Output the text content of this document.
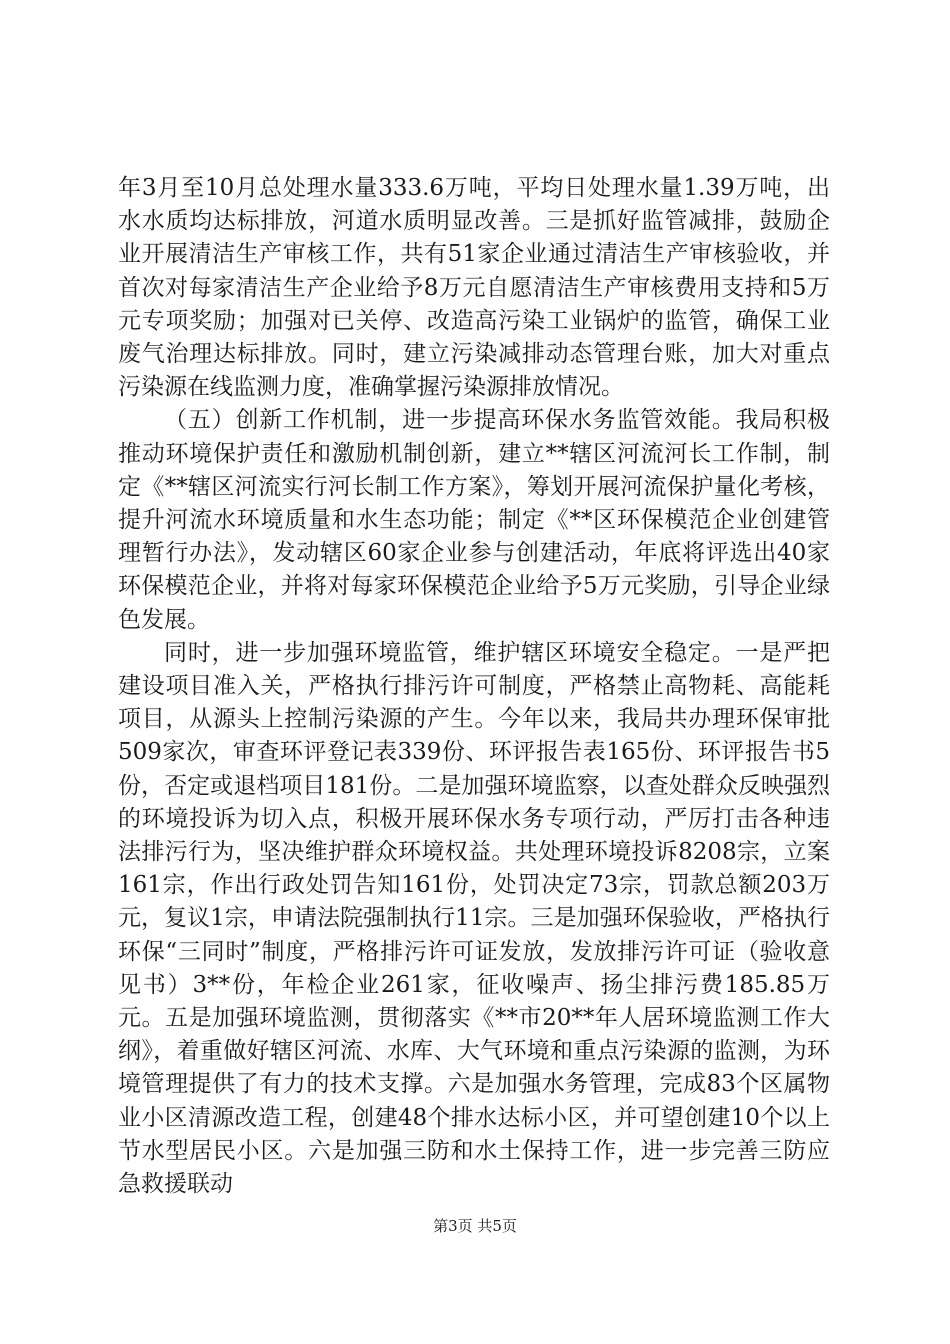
年3月至10月总处理水量333.6万吨，平均日处理水量1.39万吨，出水水质均达标排放，河道水质明显改善。三是抓好监管减排，鼓励企业开展清洁生产审核工作，共有51家企业通过清洁生产审核验收，并首次对每家清洁生产企业给予8万元自愿清洁生产审核费用支持和5万元专项奖励；加强对已关停、改造高污染工业锅炉的监管，确保工业废气治理达标排放。同时，建立污染减排动态管理台账，加大对重点污染源在线监测力度，准确掌握污染源排放情况。

（五）创新工作机制，进一步提高环保水务监管效能。我局积极推动环境保护责任和激励机制创新，建立**辖区河流河长工作制，制定《**辖区河流实行河长制工作方案》，筹划开展河流保护量化考核，提升河流水环境质量和水生态功能；制定《**区环保模范企业创建管理暂行办法》，发动辖区60家企业参与创建活动，年底将评选出40家环保模范企业，并将对每家环保模范企业给予5万元奖励，引导企业绿色发展。

同时，进一步加强环境监管，维护辖区环境安全稳定。一是严把建设项目准入关，严格执行排污许可制度，严格禁止高物耗、高能耗项目，从源头上控制污染源的产生。今年以来，我局共办理环保审批509家次，审查环评登记表339份、环评报告表165份、环评报告书5份，否定或退档项目181份。二是加强环境监察，以查处群众反映强烈的环境投诉为切入点，积极开展环保水务专项行动，严厉打击各种违法排污行为，坚决维护群众环境权益。共处理环境投诉8208宗，立案161宗，作出行政处罚告知161份，处罚决定73宗，罚款总额203万元，复议1宗，申请法院强制执行11宗。三是加强环保验收，严格执行环保“三同时”制度，严格排污许可证发放，发放排污许可证（验收意见书）3**份，年检企业261家，征收噪声、扬尘排污费185.85万元。五是加强环境监测，贯彻落实《**市20**年人居环境监测工作大纲》，着重做好辖区河流、水库、大气环境和重点污染源的监测，为环境管理提供了有力的技术支撑。六是加强水务管理，完成83个区属物业小区清源改造工程，创建48个排水达标小区，并可望创建10个以上节水型居民小区。六是加强三防和水土保持工作，进一步完善三防应急救援联动

第3页 共5页
